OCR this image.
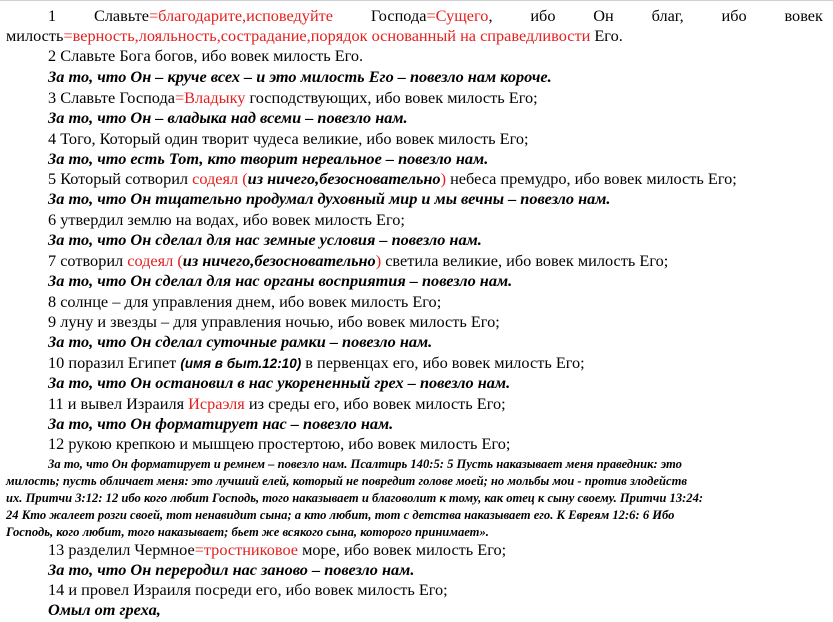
1 Славьте=благодарите,исповедуйте Господа=Сущего, ибо Он благ, ибо вовек
милость=верность,лояльность,сострадание,порядок основанный на справедливости Его.
2 Славьте Бога богов, ибо вовек милость Его.
За то, что Он – круче всех – и это милость Его – повезло нам короче.
3 Славьте Господа=Владыку господствующих, ибо вовек милость Его;
За то, что Он – владыка над всеми – повезло нам.
4 Того, Который один творит чудеса великие, ибо вовек милость Его;
За то, что есть Тот, кто творит нереальное – повезло нам.
5 Который сотворил содеял (из ничего,безосновательно) небеса премудро, ибо вовек милость Его;
За то, что Он тщательно продумал духовный мир и мы вечны – повезло нам.
6 утвердил землю на водах, ибо вовек милость Его;
За то, что Он сделал для нас земные условия – повезло нам.
7 сотворил содеял (из ничего,безосновательно) светила великие, ибо вовек милость Его;
За то, что Он сделал для нас органы восприятия – повезло нам.
8 солнце – для управления днем, ибо вовек милость Его;
9 луну и звезды – для управления ночью, ибо вовек милость Его;
За то, что Он сделал суточные рамки – повезло нам.
10 поразил Египет (имя в быт.12:10) в первенцах его, ибо вовек милость Его;
За то, что Он остановил в нас укорененный грех – повезло нам.
11 и вывел Израиля Исраэля из среды его, ибо вовек милость Его;
За то, что Он форматирует нас – повезло нам.
12 рукою крепкою и мышцею простертою, ибо вовек милость Его;
За то, что Он форматирует и ремнем – повезло нам. Псалтирь 140:5: 5 Пусть наказывает меня праведник: это
милость; пусть обличает меня: это лучший елей, который не повредит голове моей; но мольбы мои - против злодейств
их. Притчи 3:12: 12 ибо кого любит Господь, того наказывает и благоволит к тому, как отец к сыну своему. Притчи 13:24:
24 Кто жалеет розги своей, тот ненавидит сына; а кто любит, тот с детства наказывает его. К Евреям 12:6: 6 Ибо
Господь, кого любит, того наказывает; бьет же всякого сына, которого принимает».
13 разделил Чермное=тростниковое море, ибо вовек милость Его;
За то, что Он переродил нас заново – повезло нам.
14 и провел Израиля посреди его, ибо вовек милость Его;
Омыл от греха,
